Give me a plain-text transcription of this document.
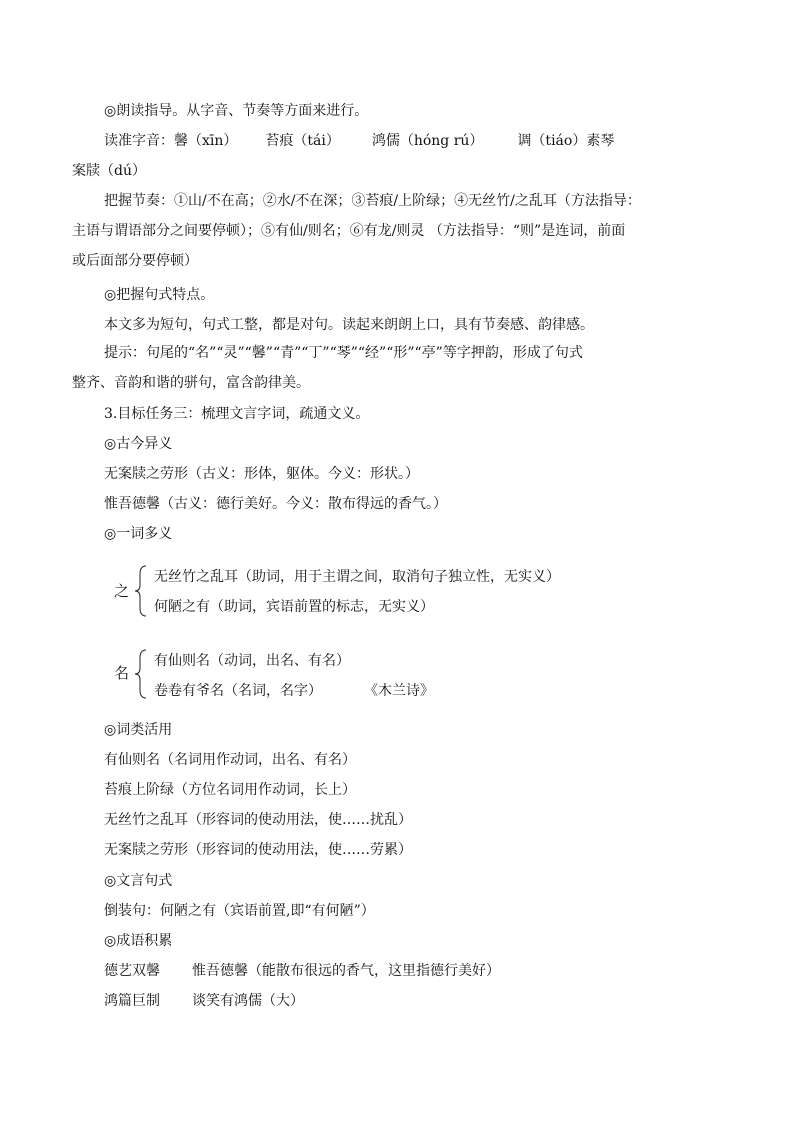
◎朗读指导。从字音、节奏等方面来进行。
读准字音：馨（xīn） 苔痕（tái） 鸿儒（hóng rú） 调（tiáo）素琴
案牍（dú）
把握节奏：①山/不在高；②水/不在深；③苔痕/上阶绿；④无丝竹/之乱耳（方法指导：
主语与谓语部分之间要停顿）；⑤有仙/则名；⑥有龙/则灵 （方法指导：“则”是连词，前面
或后面部分要停顿）
◎把握句式特点。
本文多为短句，句式工整，都是对句。读起来朗朗上口，具有节奏感、韵律感。
提示：句尾的“名”“灵”“馨”“青”“丁”“琴”“经”“形”“亭”等字押韵，形成了句式
整齐、音韵和谐的骈句，富含韵律美。
3.目标任务三：梳理文言字词，疏通文义。
◎古今异义
无案牍之劳形（古义：形体，躯体。今义：形状。）
惟吾德馨（古义：德行美好。今义：散布得远的香气。）
◎一词多义
之
无丝竹之乱耳（助词，用于主谓之间，取消句子独立性，无实义）
何陋之有（助词，宾语前置的标志，无实义）
名
有仙则名（动词，出名、有名）
卷卷有爷名（名词，名字）	《木兰诗》
◎词类活用
有仙则名（名词用作动词，出名、有名）
苔痕上阶绿（方位名词用作动词，长上）
无丝竹之乱耳（形容词的使动用法，使……扰乱）
无案牍之劳形（形容词的使动用法，使……劳累）
◎文言句式
倒装句：何陋之有（宾语前置,即“有何陋”）
◎成语积累
德艺双馨 惟吾德馨（能散布很远的香气，这里指德行美好）
鸿篇巨制 谈笑有鸿儒（大）
